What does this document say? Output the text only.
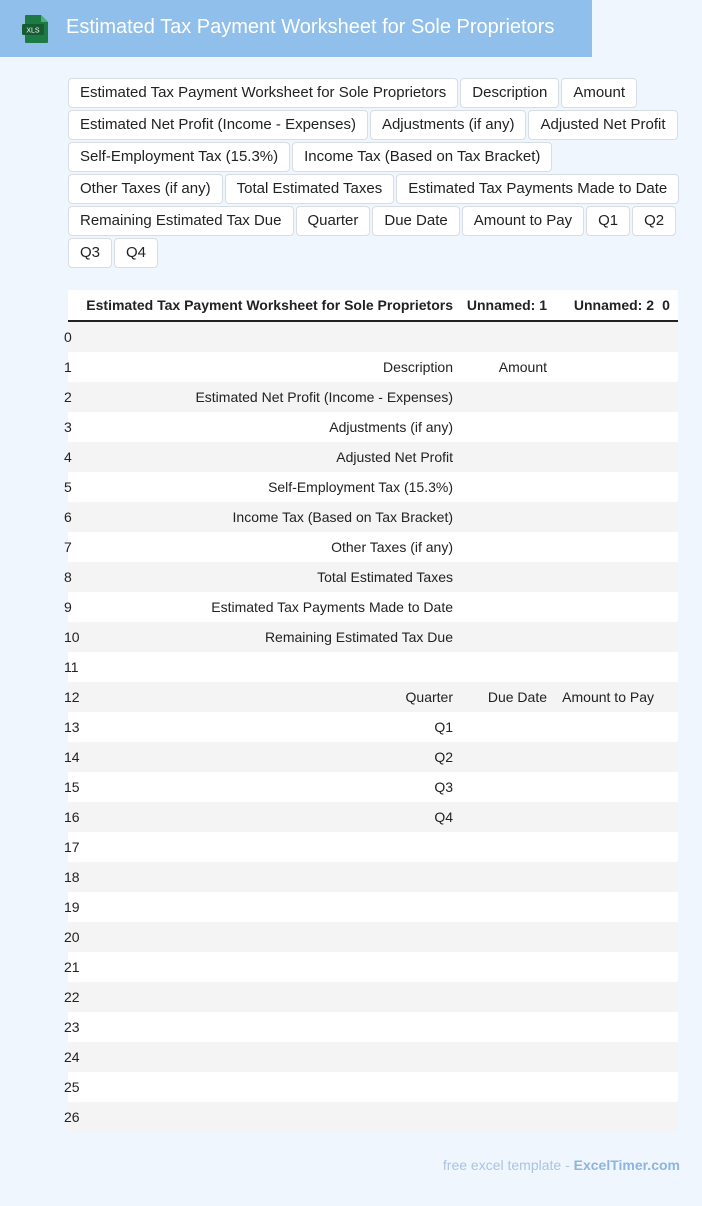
XLS Estimated Tax Payment Worksheet for Sole Proprietors
Estimated Tax Payment Worksheet for Sole Proprietors	Description	Amount
Estimated Net Profit (Income - Expenses)	Adjustments (if any)	Adjusted Net Profit
Self-Employment Tax (15.3%)	Income Tax (Based on Tax Bracket)
Other Taxes (if any)	Total Estimated Taxes	Estimated Tax Payments Made to Date
Remaining Estimated Tax Due	Quarter	Due Date	Amount to Pay	Q1	Q2
Q3	Q4
	Estimated Tax Payment Worksheet for Sole Proprietors	Unnamed: 1	Unnamed: 2	0
0				
1	Description	Amount		
2	Estimated Net Profit (Income - Expenses)			
3	Adjustments (if any)			
4	Adjusted Net Profit			
5	Self-Employment Tax (15.3%)			
6	Income Tax (Based on Tax Bracket)			
7	Other Taxes (if any)			
8	Total Estimated Taxes			
9	Estimated Tax Payments Made to Date			
10	Remaining Estimated Tax Due			
11				
12	Quarter	Due Date	Amount to Pay	
13	Q1			
14	Q2			
15	Q3			
16	Q4			
17				
18				
19				
20				
21				
22				
23				
24				
25				
26				
free excel template - ExcelTimer.com
